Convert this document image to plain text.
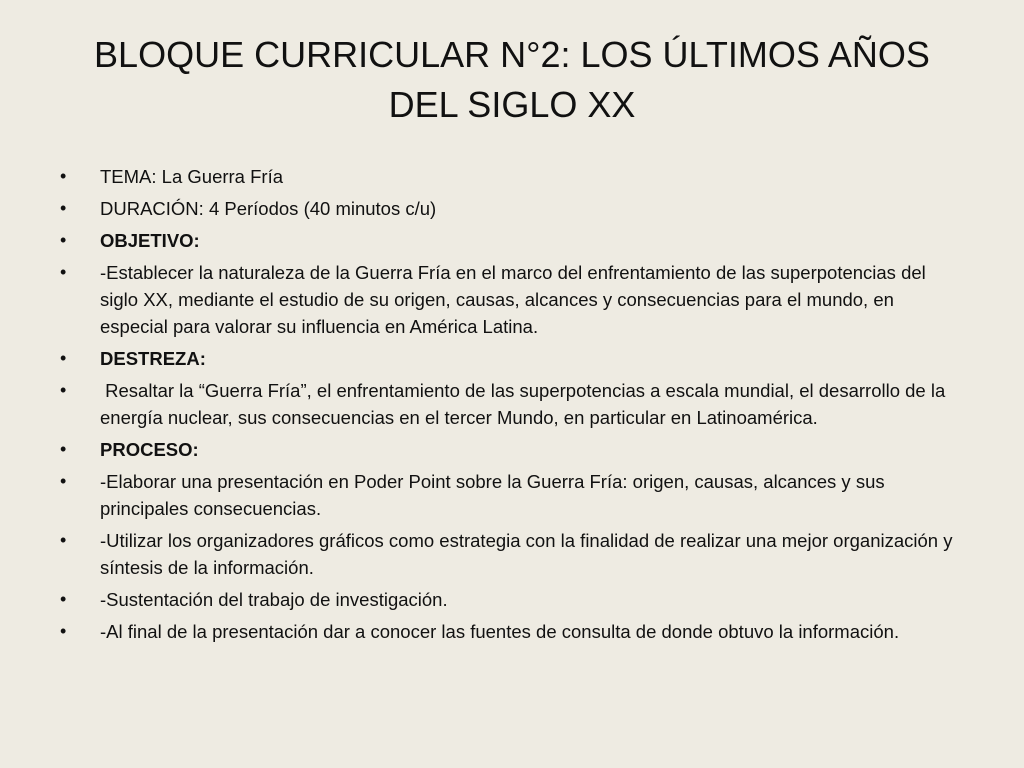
BLOQUE CURRICULAR N°2: LOS ÚLTIMOS AÑOS DEL SIGLO XX
•	TEMA: La Guerra Fría
•	DURACIÓN: 4 Períodos (40 minutos c/u)
•	OBJETIVO:
•	-Establecer la naturaleza de la Guerra Fría en el marco del enfrentamiento de las superpotencias del siglo XX, mediante el estudio de su origen, causas, alcances y consecuencias para el mundo, en especial para valorar su influencia en América Latina.
•	DESTREZA:
•	Resaltar la “Guerra Fría”, el enfrentamiento de las superpotencias a escala mundial, el desarrollo de la energía nuclear, sus consecuencias en el tercer Mundo, en particular en Latinoamérica.
•	PROCESO:
•	-Elaborar una presentación en Poder Point sobre la Guerra Fría: origen, causas, alcances y sus principales consecuencias.
•	-Utilizar los organizadores gráficos como estrategia con la finalidad de realizar una mejor organización y síntesis de la información.
•	-Sustentación del trabajo de investigación.
•	-Al final de la presentación dar a conocer las fuentes de consulta de donde obtuvo la información.
